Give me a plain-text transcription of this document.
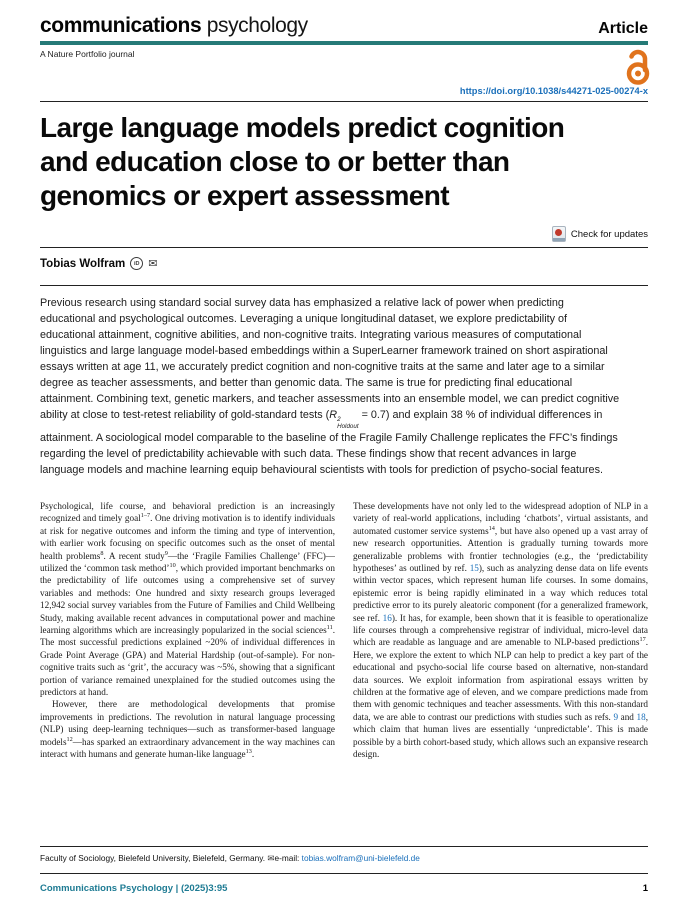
communications psychology	Article
A Nature Portfolio journal
https://doi.org/10.1038/s44271-025-00274-x
Large language models predict cognition
and education close to or better than
genomics or expert assessment
Check for updates
Tobias Wolfram	iD ✉
Previous research using standard social survey data has emphasized a relative lack of power when predicting educational and psychological outcomes. Leveraging a unique longitudinal dataset, we explore predictability of educational attainment, cognitive abilities, and non-cognitive traits. Integrating various measures of computational linguistics and large language model-based embeddings within a SuperLearner framework trained on short aspirational essays written at age 11, we accurately predict cognition and non-cognitive traits at the same and later age to a similar degree as teacher assessments, and better than genomic data. The same is true for predicting final educational attainment. Combining text, genetic markers, and teacher assessments into an ensemble model, we can predict cognitive ability at close to test-retest reliability of gold-standard tests (R 2
Holdout
= 0.7) and explain 38 % of individual differences in attainment. A sociological model comparable to the baseline of the Fragile Family Challenge replicates the FFC’s findings regarding the level of predictability achievable with such data. These findings show that recent advances in large language models and machine learning equip behavioural scientists with tools for prediction of psycho-social features.

Psychological, life course, and behavioral prediction is an increasingly recognized and timely goal$^{1-7}$. One driving motivation is to identify individuals at risk for negative outcomes and inform the timing and type of intervention, with earlier work focusing on specific outcomes such as the onset of mental health problems$^8$. A recent study$^9$—the ‘Fragile Families Challenge’ (FFC)—utilized the ‘common task method’$^{10}$, which provided important benchmarks on the predictability of life outcomes using a comprehensive set of survey variables and methods: One hundred and sixty research groups leveraged 12,942 social survey variables from the Future of Families and Child Wellbeing Study, making available recent advances in computational power and machine learning algorithms which are increasingly popularized in the social sciences$^{11}$. The most successful predictions explained ~20% of individual differences in Grade Point Average (GPA) and Material Hardship (out-of-sample). For non-cognitive traits such as ‘grit’, the accuracy was ~5%, showing that a significant portion of variance remained unexplained for the studied outcomes using the predictors at hand.

However, there are methodological developments that promise improvements in predictions. The revolution in natural language processing (NLP) using deep-learning techniques—such as transformer-based language models$^{12}$—has sparked an extraordinary advancement in the way machines can interact with humans and generate human-like language$^{13}$.

These developments have not only led to the widespread adoption of NLP in a variety of real-world applications, including ‘chatbots’, virtual assistants, and automated customer service systems$^{14}$, but have also opened up a vast array of new research opportunities. Attention is gradually turning towards more generalizable problems with frontier technologies (e.g., the ‘predictability hypotheses’ as outlined by ref. 15), such as analyzing dense data on life events within vector spaces, which represent human life courses. In some domains, epistemic error is being rapidly eliminated in a way which reduces total predictive error to its purely aleatoric component (for a generalized framework, see ref. 16). It has, for example, been shown that it is feasible to operationalize life courses through a comprehensive registrar of individual, micro-level data which are readable as language and are amenable to NLP-based predictions$^{17}$. Here, we explore the extent to which NLP can help to predict a key part of the educational and psycho-social life course based on alternative, non-standard data sources. We exploit information from aspirational essays written by children at the formative age of eleven, and we compare predictions made from them with genomic techniques and teacher assessments. With this non-standard data, we are able to contrast our predictions with studies such as refs. 9 and 18, which claim that human lives are essentially ‘unpredictable’. This is made possible by a birth cohort-based study, which allows such an expansive research design.

Faculty of Sociology, Bielefeld University, Bielefeld, Germany. ✉e-mail: tobias.wolfram@uni-bielefeld.de
Communications Psychology | (2025)3:95	1
